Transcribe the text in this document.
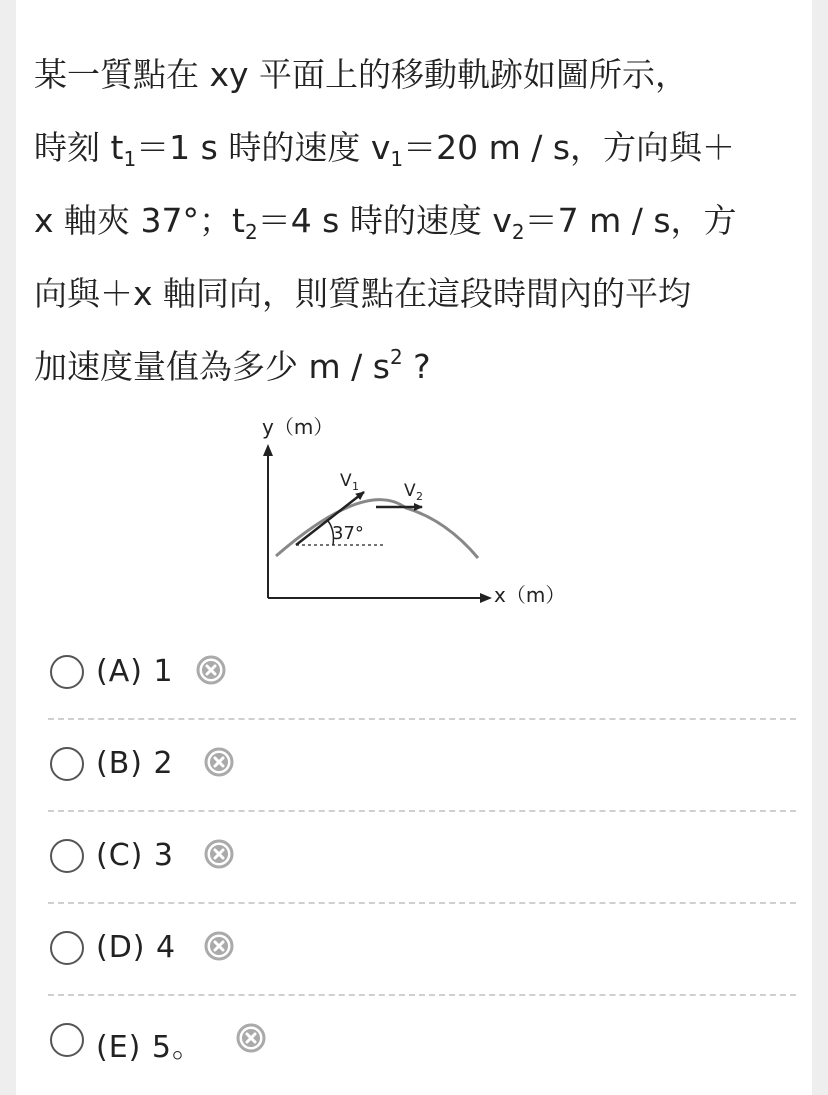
某一質點在 xy 平面上的移動軌跡如圖所示，
時刻 $t_1=1$ s 時的速度 $v_1=20$ m / s，方向與＋
x 軸夾 37°；$t_2=4$ s 時的速度 $v_2=7$ m / s，方
向與＋x 軸同向，則質點在這段時間內的平均
加速度量值為多少 m / $s^2$ ?
y（m）
x（m）
V 1	V 2
37°
(A) 1
(B) 2
(C) 3
(D) 4
(E) 5。
